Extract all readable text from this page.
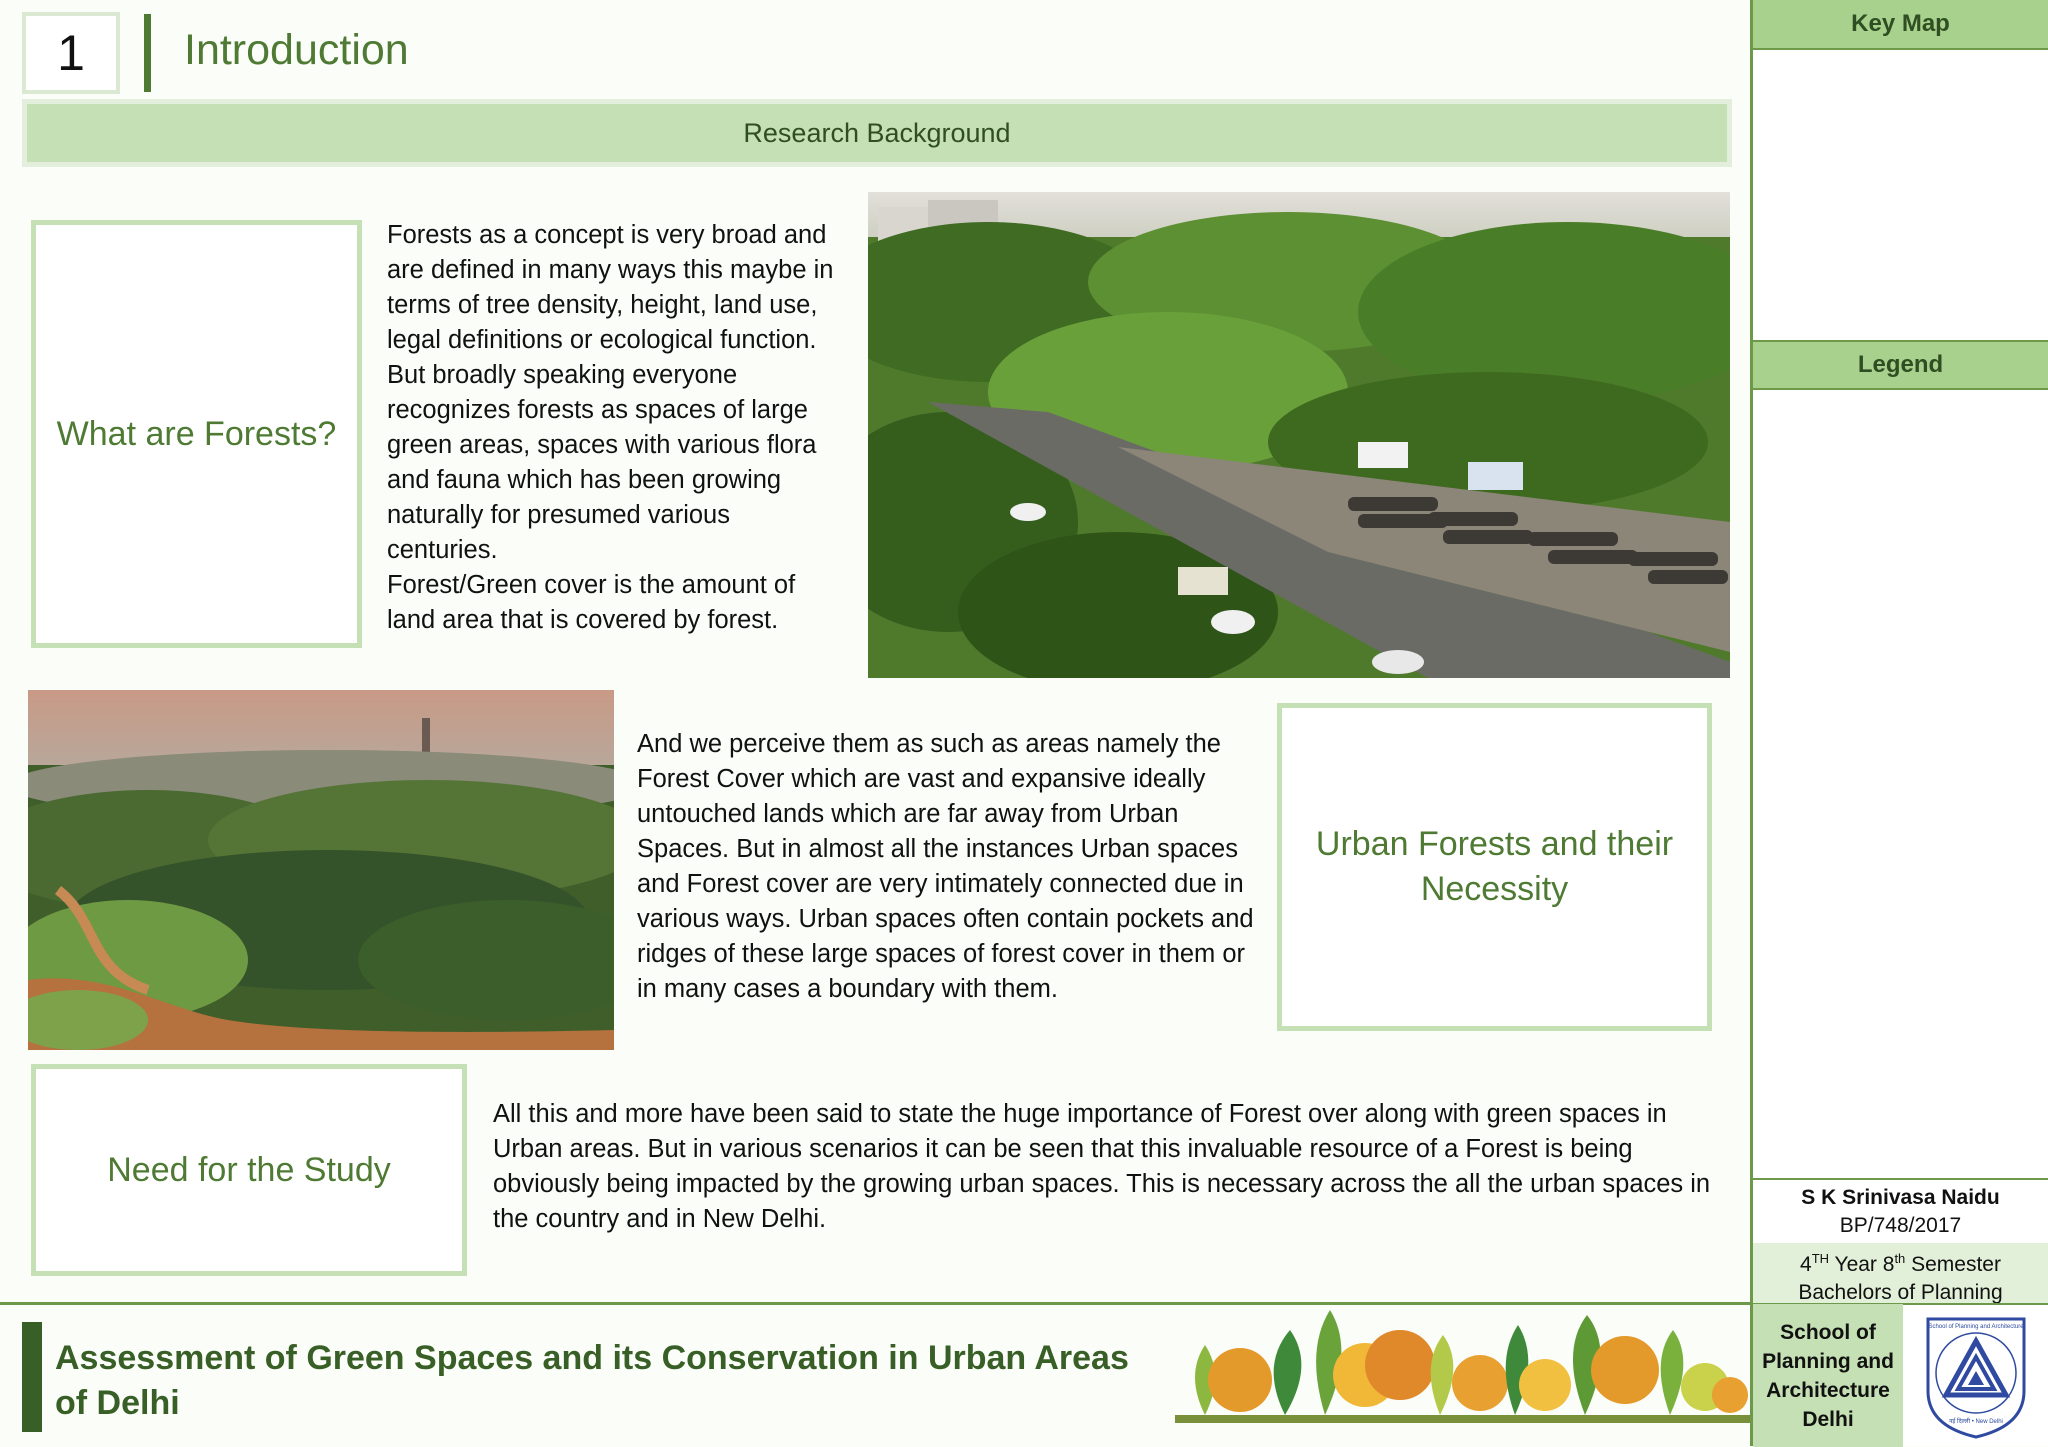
1 Introduction
Research Background
What are Forests?
Forests as a concept is very broad and are defined in many ways this maybe in terms of tree density, height, land use, legal definitions or ecological function. But broadly speaking everyone recognizes forests as spaces of large green areas, spaces with various flora and fauna which has been growing naturally for presumed various centuries.
Forest/Green cover is the amount of land area that is covered by forest.
And we perceive them as such as areas namely the Forest Cover which are vast and expansive ideally untouched lands which are far away from Urban Spaces. But in almost all the instances Urban spaces and Forest cover are very intimately connected due in various ways. Urban spaces often contain pockets and ridges of these large spaces of forest cover in them or in many cases a boundary with them.
Urban Forests and their Necessity
Need for the Study
All this and more have been said to state the huge importance of Forest over along with green spaces in Urban areas. But in various scenarios it can be seen that this invaluable resource of a Forest is being obviously being impacted by the growing urban spaces. This is necessary across the all the urban spaces in the country and in New Delhi.
Assessment of Green Spaces and its Conservation in Urban Areas of Delhi
Key Map
Legend
S K Srinivasa Naidu
BP/748/2017
4TH Year 8th Semester
Bachelors of Planning
School of Planning and Architecture Delhi
School of Planning and Architecture
नई दिल्ली • New Delhi
